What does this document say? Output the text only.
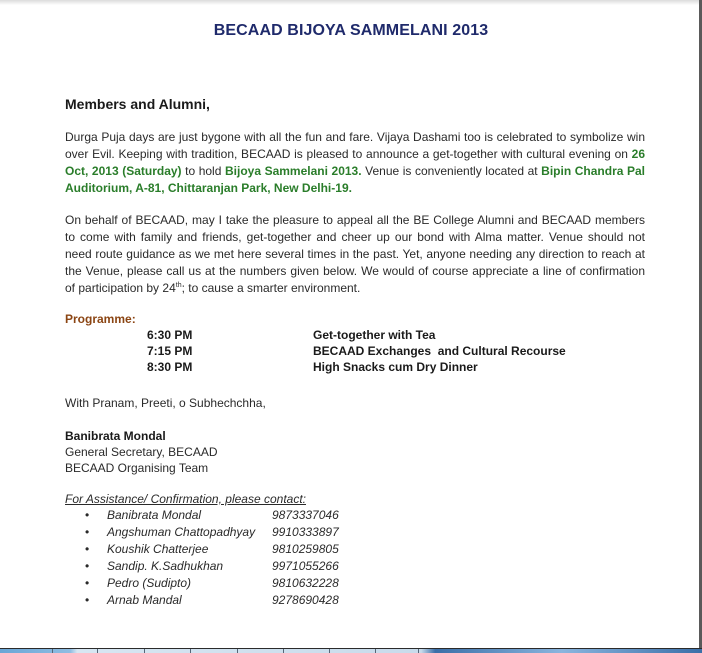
BECAAD BIJOYA SAMMELANI 2013
Members and Alumni,
Durga Puja days are just bygone with all the fun and fare. Vijaya Dashami too is celebrated to symbolize win over Evil. Keeping with tradition, BECAAD is pleased to announce a get-together with cultural evening on 26 Oct, 2013 (Saturday) to hold Bijoya Sammelani 2013. Venue is conveniently located at Bipin Chandra Pal Auditorium, A-81, Chittaranjan Park, New Delhi-19.
On behalf of BECAAD, may I take the pleasure to appeal all the BE College Alumni and BECAAD members to come with family and friends, get-together and cheer up our bond with Alma matter. Venue should not need route guidance as we met here several times in the past. Yet, anyone needing any direction to reach at the Venue, please call us at the numbers given below. We would of course appreciate a line of confirmation of participation by 24th; to cause a smarter environment.
Programme:
6:30 PM	Get-together with Tea
7:15 PM	BECAAD Exchanges  and Cultural Recourse
8:30 PM	High Snacks cum Dry Dinner
With Pranam, Preeti, o Subhechchha,
Banibrata Mondal
General Secretary, BECAAD
BECAAD Organising Team
For Assistance/ Confirmation, please contact:
• Banibrata Mondal	9873337046
• Angshuman Chattopadhyay 9910333897
• Koushik Chatterjee	9810259805
• Sandip. K.Sadhukhan	9971055266
• Pedro (Sudipto)	9810632228
• Arnab Mandal	9278690428
